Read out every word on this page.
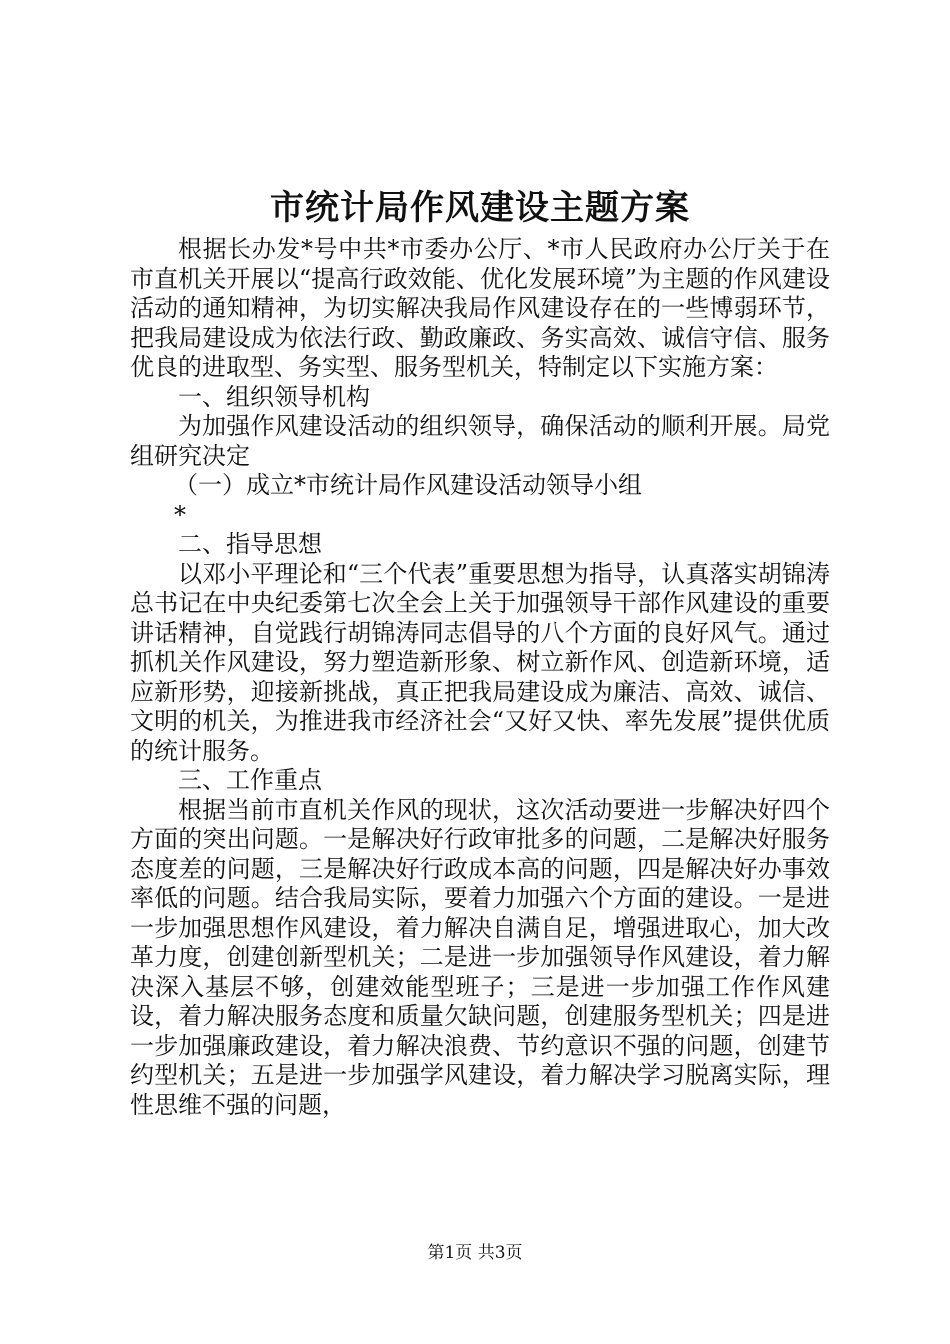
市统计局作风建设主题方案

根据长办发*号中共*市委办公厅、*市人民政府办公厅关于在市直机关开展以“提高行政效能、优化发展环境”为主题的作风建设活动的通知精神，为切实解决我局作风建设存在的一些博弱环节，把我局建设成为依法行政、勤政廉政、务实高效、诚信守信、服务优良的进取型、务实型、服务型机关，特制定以下实施方案：

一、组织领导机构

为加强作风建设活动的组织领导，确保活动的顺利开展。局党组研究决定

（一）成立*市统计局作风建设活动领导小组

*

二、指导思想

以邓小平理论和“三个代表”重要思想为指导，认真落实胡锦涛总书记在中央纪委第七次全会上关于加强领导干部作风建设的重要讲话精神，自觉践行胡锦涛同志倡导的八个方面的良好风气。通过抓机关作风建设，努力塑造新形象、树立新作风、创造新环境，适应新形势，迎接新挑战，真正把我局建设成为廉洁、高效、诚信、文明的机关，为推进我市经济社会“又好又快、率先发展”提供优质的统计服务。

三、工作重点

根据当前市直机关作风的现状，这次活动要进一步解决好四个方面的突出问题。一是解决好行政审批多的问题，二是解决好服务态度差的问题，三是解决好行政成本高的问题，四是解决好办事效率低的问题。结合我局实际，要着力加强六个方面的建设。一是进一步加强思想作风建设，着力解决自满自足，增强进取心，加大改革力度，创建创新型机关；二是进一步加强领导作风建设，着力解决深入基层不够，创建效能型班子；三是进一步加强工作作风建设，着力解决服务态度和质量欠缺问题，创建服务型机关；四是进一步加强廉政建设，着力解决浪费、节约意识不强的问题，创建节约型机关；五是进一步加强学风建设，着力解决学习脱离实际，理性思维不强的问题，

第1页 共3页
